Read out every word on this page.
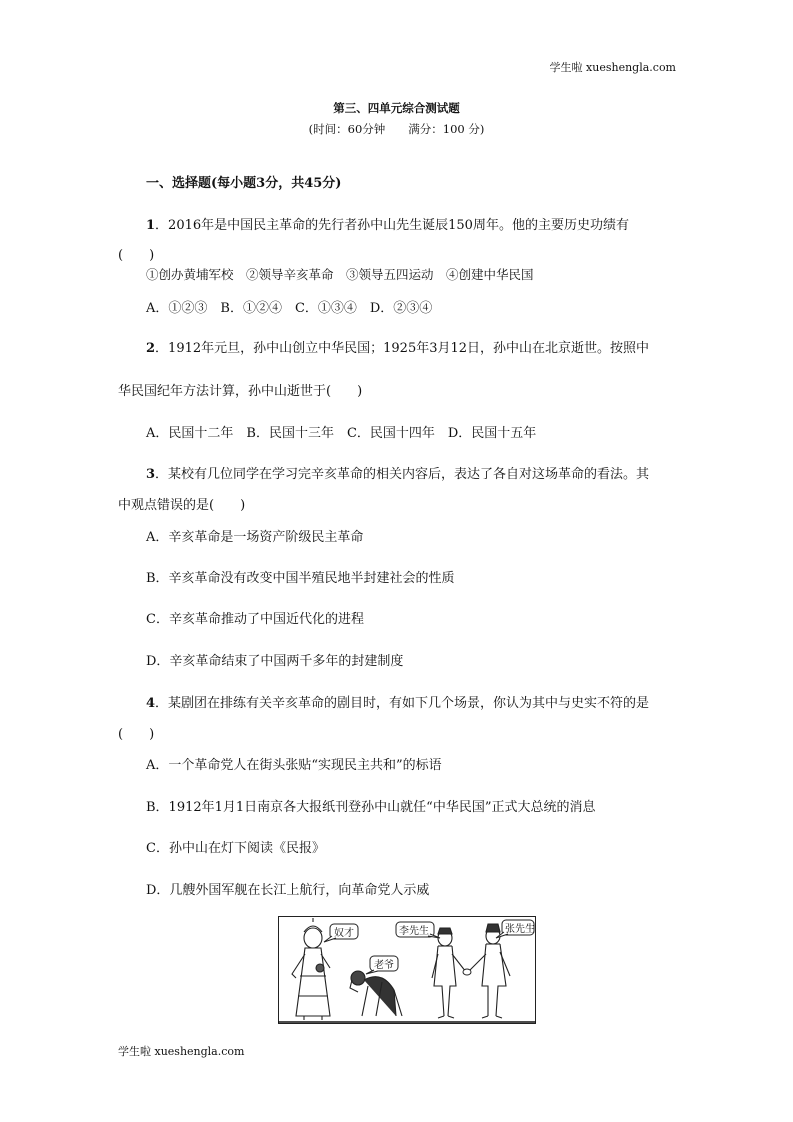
学生啦 xueshengla.com
第三、四单元综合测试题
(时间：60分钟　　满分：100 分)
一、选择题(每小题3分，共45分)
1．2016年是中国民主革命的先行者孙中山先生诞辰150周年。他的主要历史功绩有
(　　)
①创办黄埔军校　②领导辛亥革命　③领导五四运动　④创建中华民国
A．①②③　B．①②④　C．①③④　D．②③④
2．1912年元旦，孙中山创立中华民国；1925年3月12日，孙中山在北京逝世。按照中
华民国纪年方法计算，孙中山逝世于(　　)
A．民国十二年　B．民国十三年　C．民国十四年　D．民国十五年
3．某校有几位同学在学习完辛亥革命的相关内容后，表达了各自对这场革命的看法。其
中观点错误的是(　　)
A．辛亥革命是一场资产阶级民主革命
B．辛亥革命没有改变中国半殖民地半封建社会的性质
C．辛亥革命推动了中国近代化的进程
D．辛亥革命结束了中国两千多年的封建制度
4．某剧团在排练有关辛亥革命的剧目时，有如下几个场景，你认为其中与史实不符的是
(　　)
A．一个革命党人在街头张贴“实现民主共和”的标语
B．1912年1月1日南京各大报纸刊登孙中山就任“中华民国”正式大总统的消息
C．孙中山在灯下阅读《民报》
D．几艘外国军舰在长江上航行，向革命党人示威
奴才
老爷
李先生	张先生
学生啦 xueshengla.com
